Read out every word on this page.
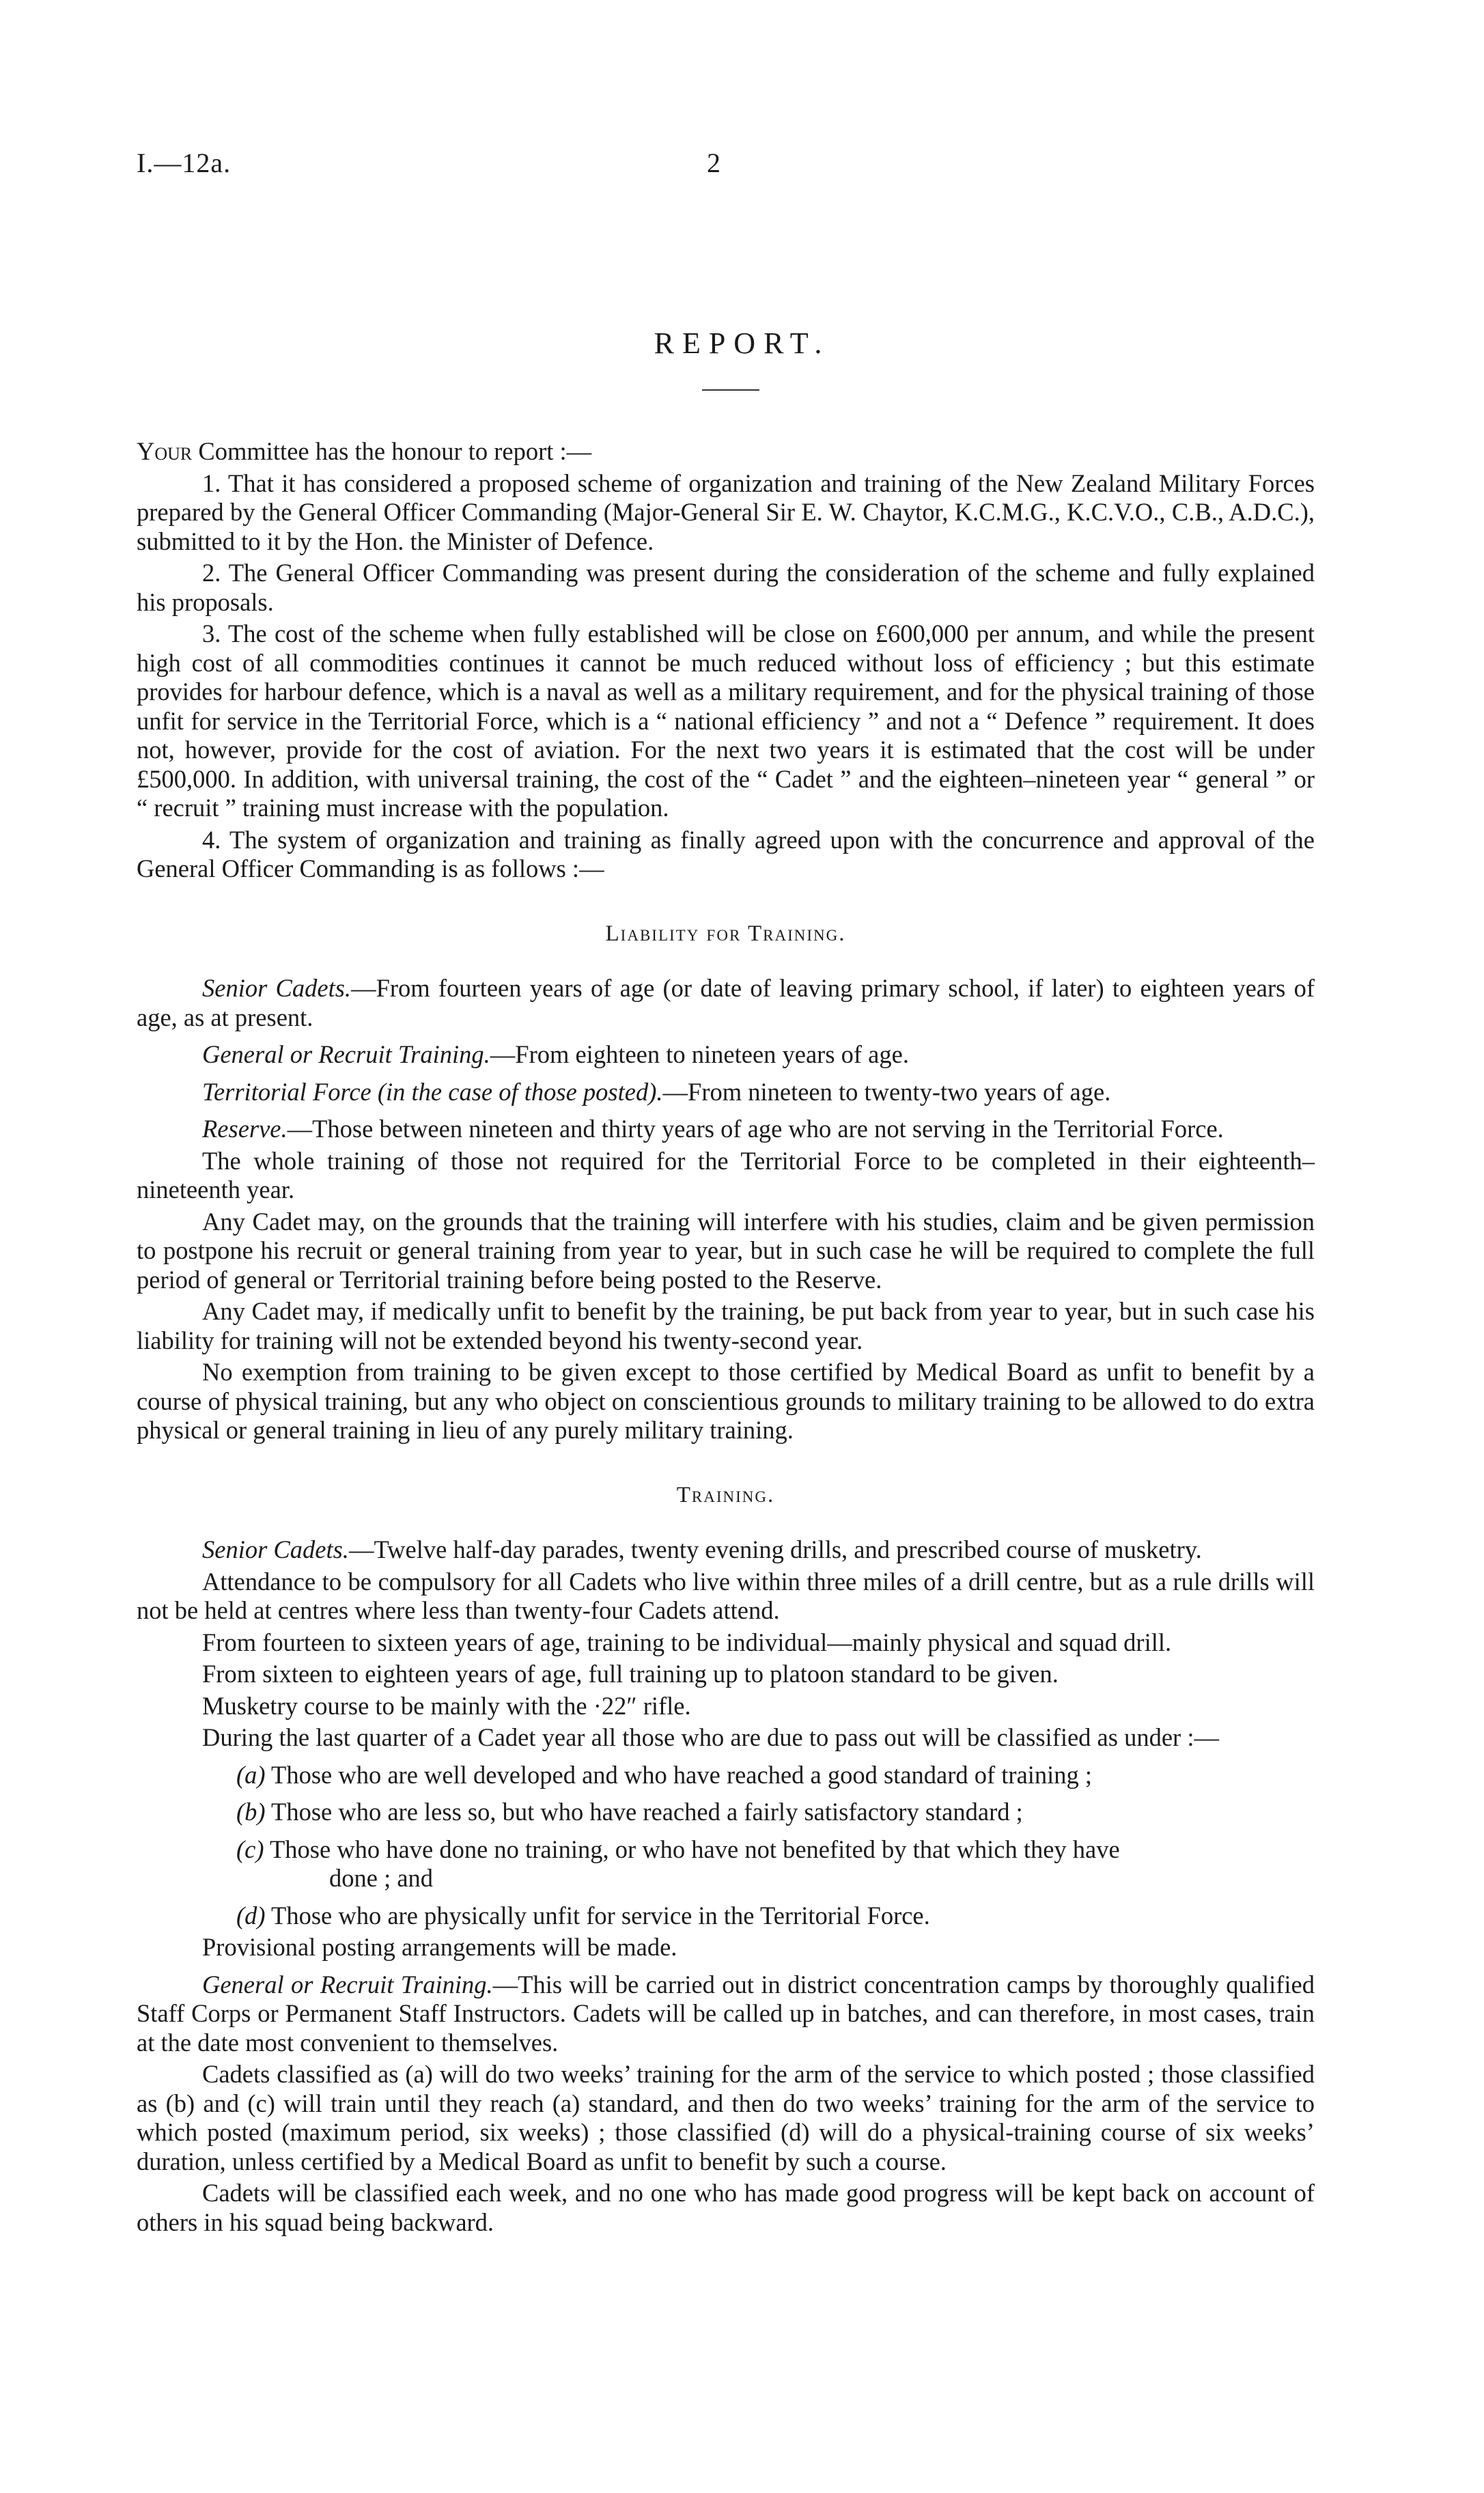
I.—12a.	2
REPORT.

Your Committee has the honour to report :—

1. That it has considered a proposed scheme of organization and training of the New Zealand Military Forces prepared by the General Officer Commanding (Major-General Sir E. W. Chaytor, K.C.M.G., K.C.V.O., C.B., A.D.C.), submitted to it by the Hon. the Minister of Defence.

2. The General Officer Commanding was present during the consideration of the scheme and fully explained his proposals.

3. The cost of the scheme when fully established will be close on £600,000 per annum, and while the present high cost of all commodities continues it cannot be much reduced without loss of efficiency ; but this estimate provides for harbour defence, which is a naval as well as a military requirement, and for the physical training of those unfit for service in the Territorial Force, which is a “ national efficiency ” and not a “ Defence ” requirement. It does not, however, provide for the cost of aviation. For the next two years it is estimated that the cost will be under £500,000. In addition, with universal training, the cost of the “ Cadet ” and the eighteen–nineteen year “ general ” or “ recruit ” training must increase with the population.

4. The system of organization and training as finally agreed upon with the concurrence and approval of the General Officer Commanding is as follows :—

Liability for Training.

Senior Cadets.—From fourteen years of age (or date of leaving primary school, if later) to eighteen years of age, as at present.

General or Recruit Training.—From eighteen to nineteen years of age.

Territorial Force (in the case of those posted).—From nineteen to twenty-two years of age.

Reserve.—Those between nineteen and thirty years of age who are not serving in the Territorial Force.

The whole training of those not required for the Territorial Force to be completed in their eighteenth–nineteenth year.

Any Cadet may, on the grounds that the training will interfere with his studies, claim and be given permission to postpone his recruit or general training from year to year, but in such case he will be required to complete the full period of general or Territorial training before being posted to the Reserve.

Any Cadet may, if medically unfit to benefit by the training, be put back from year to year, but in such case his liability for training will not be extended beyond his twenty-second year.

No exemption from training to be given except to those certified by Medical Board as unfit to benefit by a course of physical training, but any who object on conscientious grounds to military training to be allowed to do extra physical or general training in lieu of any purely military training.

Training.

Senior Cadets.—Twelve half-day parades, twenty evening drills, and prescribed course of musketry.

Attendance to be compulsory for all Cadets who live within three miles of a drill centre, but as a rule drills will not be held at centres where less than twenty-four Cadets attend.

From fourteen to sixteen years of age, training to be individual—mainly physical and squad drill.

From sixteen to eighteen years of age, full training up to platoon standard to be given.

Musketry course to be mainly with the ·22″ rifle.

During the last quarter of a Cadet year all those who are due to pass out will be classified as under :—

(a) Those who are well developed and who have reached a good standard of training ;

(b) Those who are less so, but who have reached a fairly satisfactory standard ;

(c) Those who have done no training, or who have not benefited by that which they have
done ; and

(d) Those who are physically unfit for service in the Territorial Force.

Provisional posting arrangements will be made.

General or Recruit Training.—This will be carried out in district concentration camps by thoroughly qualified Staff Corps or Permanent Staff Instructors. Cadets will be called up in batches, and can therefore, in most cases, train at the date most convenient to themselves.

Cadets classified as (a) will do two weeks’ training for the arm of the service to which posted ; those classified as (b) and (c) will train until they reach (a) standard, and then do two weeks’ training for the arm of the service to which posted (maximum period, six weeks) ; those classified (d) will do a physical-training course of six weeks’ duration, unless certified by a Medical Board as unfit to benefit by such a course.

Cadets will be classified each week, and no one who has made good progress will be kept back on account of others in his squad being backward.
